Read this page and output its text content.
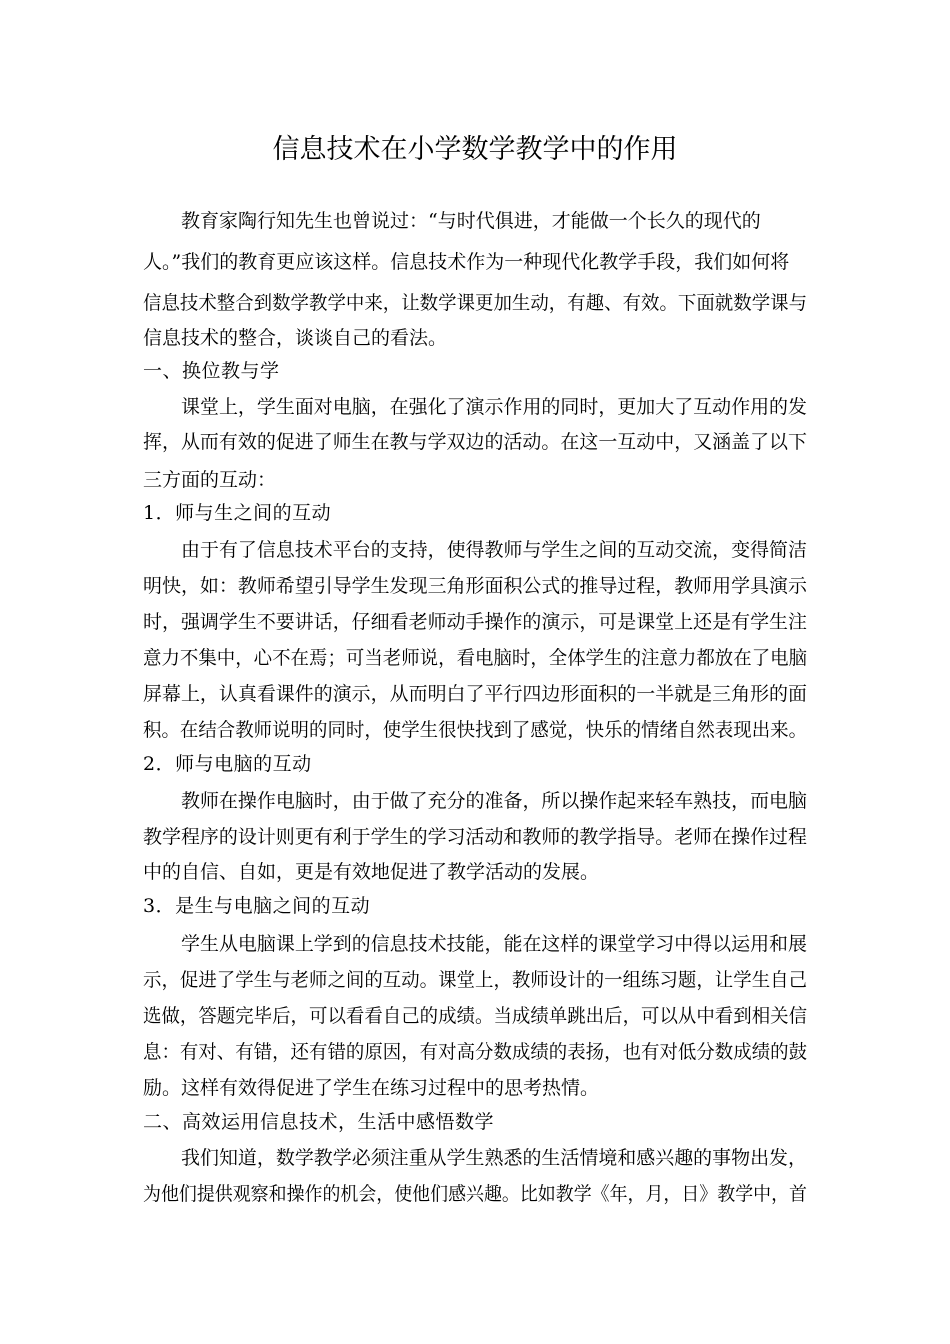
信息技术在小学数学教学中的作用
教育家陶行知先生也曾说过：“与时代俱进，才能做一个长久的现代的
人。”我们的教育更应该这样。信息技术作为一种现代化教学手段，我们如何将
信息技术整合到数学教学中来，让数学课更加生动，有趣、有效。下面就数学课与
信息技术的整合，谈谈自己的看法。
一、换位教与学
课堂上，学生面对电脑，在强化了演示作用的同时，更加大了互动作用的发
挥，从而有效的促进了师生在教与学双边的活动。在这一互动中，又涵盖了以下
三方面的互动：
1．师与生之间的互动
由于有了信息技术平台的支持，使得教师与学生之间的互动交流，变得简洁
明快，如：教师希望引导学生发现三角形面积公式的推导过程，教师用学具演示
时，强调学生不要讲话，仔细看老师动手操作的演示，可是课堂上还是有学生注
意力不集中，心不在焉；可当老师说，看电脑时，全体学生的注意力都放在了电脑
屏幕上，认真看课件的演示，从而明白了平行四边形面积的一半就是三角形的面
积。在结合教师说明的同时，使学生很快找到了感觉，快乐的情绪自然表现出来。
2．师与电脑的互动
教师在操作电脑时，由于做了充分的准备，所以操作起来轻车熟技，而电脑
教学程序的设计则更有利于学生的学习活动和教师的教学指导。老师在操作过程
中的自信、自如，更是有效地促进了教学活动的发展。
3．是生与电脑之间的互动
学生从电脑课上学到的信息技术技能，能在这样的课堂学习中得以运用和展
示，促进了学生与老师之间的互动。课堂上，教师设计的一组练习题，让学生自己
选做，答题完毕后，可以看看自己的成绩。当成绩单跳出后，可以从中看到相关信
息：有对、有错，还有错的原因，有对高分数成绩的表扬，也有对低分数成绩的鼓
励。这样有效得促进了学生在练习过程中的思考热情。
二、高效运用信息技术，生活中感悟数学
我们知道，数学教学必须注重从学生熟悉的生活情境和感兴趣的事物出发，
为他们提供观察和操作的机会，使他们感兴趣。比如教学《年，月，日》教学中，首
